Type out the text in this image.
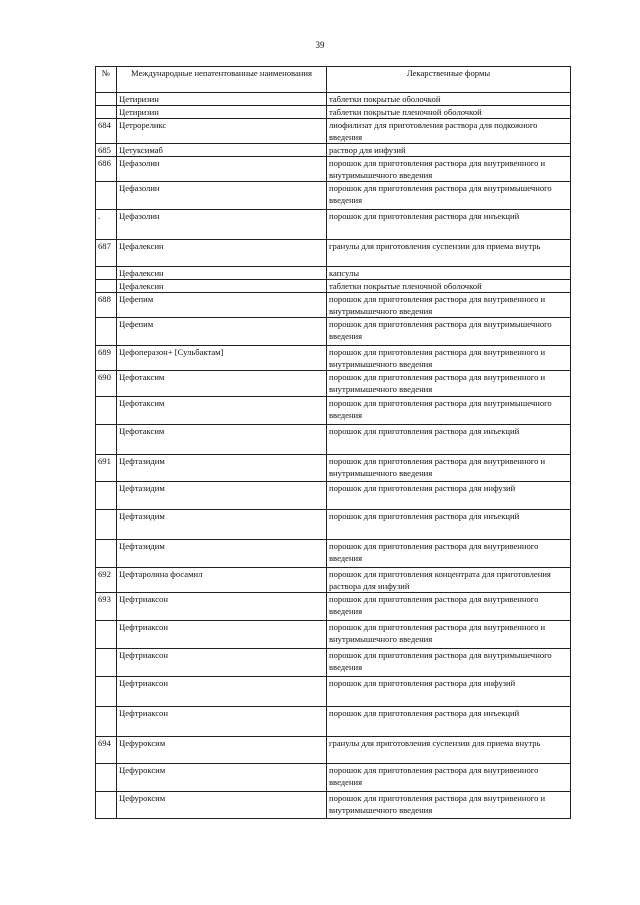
39
№	Международные непатентованные наименования	Лекарственные формы
	Цетиризин	таблетки покрытые оболочкой
	Цетиризин	таблетки покрытые пленочной оболочкой
684	Цетрореликс	лиофилизат для приготовления раствора для подкожного введения
685	Цетуксимаб	раствор для инфузий
686	Цефазолин	порошок для приготовления раствора для внутривенного и внутримышечного введения
	Цефазолин	порошок для приготовления раствора для внутримышечного введения
.	Цефазолин	порошок для приготовления раствора для инъекций
687	Цефалексин	гранулы для приготовления суспензии для приема внутрь
	Цефалексин	капсулы
	Цефалексин	таблетки покрытые пленочной оболочкой
688	Цефепим	порошок для приготовления раствора для внутривенного и внутримышечного введения
	Цефепим	порошок для приготовления раствора для внутримышечного введения
689	Цефоперазон+ [Сульбактам]	порошок для приготовления раствора для внутривенного и внутримышечного введения
690	Цефотаксим	порошок для приготовления раствора для внутривенного и внутримышечного введения
	Цефотаксим	порошок для приготовления раствора для внутримышечного введения
	Цефотаксим	порошок для приготовления раствора для инъекций
691	Цефтазидим	порошок для приготовления раствора для внутривенного и внутримышечного введения
	Цефтазидим	порошок для приготовления раствора для инфузий
	Цефтазидим	порошок для приготовления раствора для инъекций
	Цефтазидим	порошок для приготовления раствора для внутривенного введения
692	Цефтаролина фосамил	порошок для приготовления концентрата для приготовления раствора для инфузий
693	Цефтриаксон	порошок для приготовления раствора для внутривенного введения
	Цефтриаксон	порошок для приготовления раствора для внутривенного и внутримышечного введения
	Цефтриаксон	порошок для приготовления раствора для внутримышечного введения
	Цефтриаксон	порошок для приготовления раствора для инфузий
	Цефтриаксон	порошок для приготовления раствора для инъекций
694	Цефуроксим	гранулы для приготовления суспензии для приема внутрь
	Цефуроксим	порошок для приготовления раствора для внутривенного введения
	Цефуроксим	порошок для приготовления раствора для внутривенного и внутримышечного введения
